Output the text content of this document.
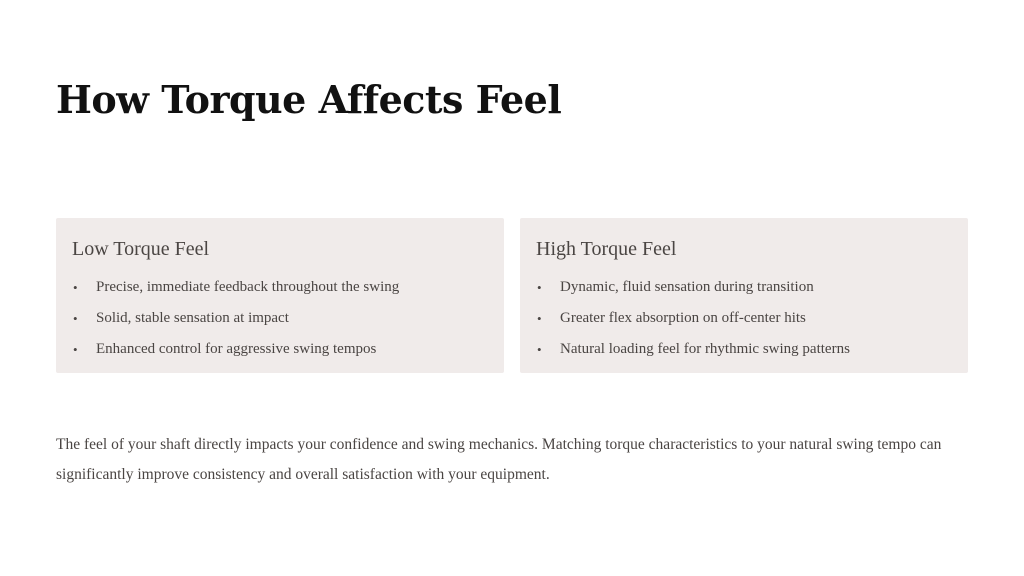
How Torque Affects Feel
Low Torque Feel
• Precise, immediate feedback throughout the swing
• Solid, stable sensation at impact
• Enhanced control for aggressive swing tempos
High Torque Feel
• Dynamic, fluid sensation during transition
• Greater flex absorption on off-center hits
• Natural loading feel for rhythmic swing patterns

The feel of your shaft directly impacts your confidence and swing mechanics. Matching torque characteristics to your natural swing tempo can significantly improve consistency and overall satisfaction with your equipment.
